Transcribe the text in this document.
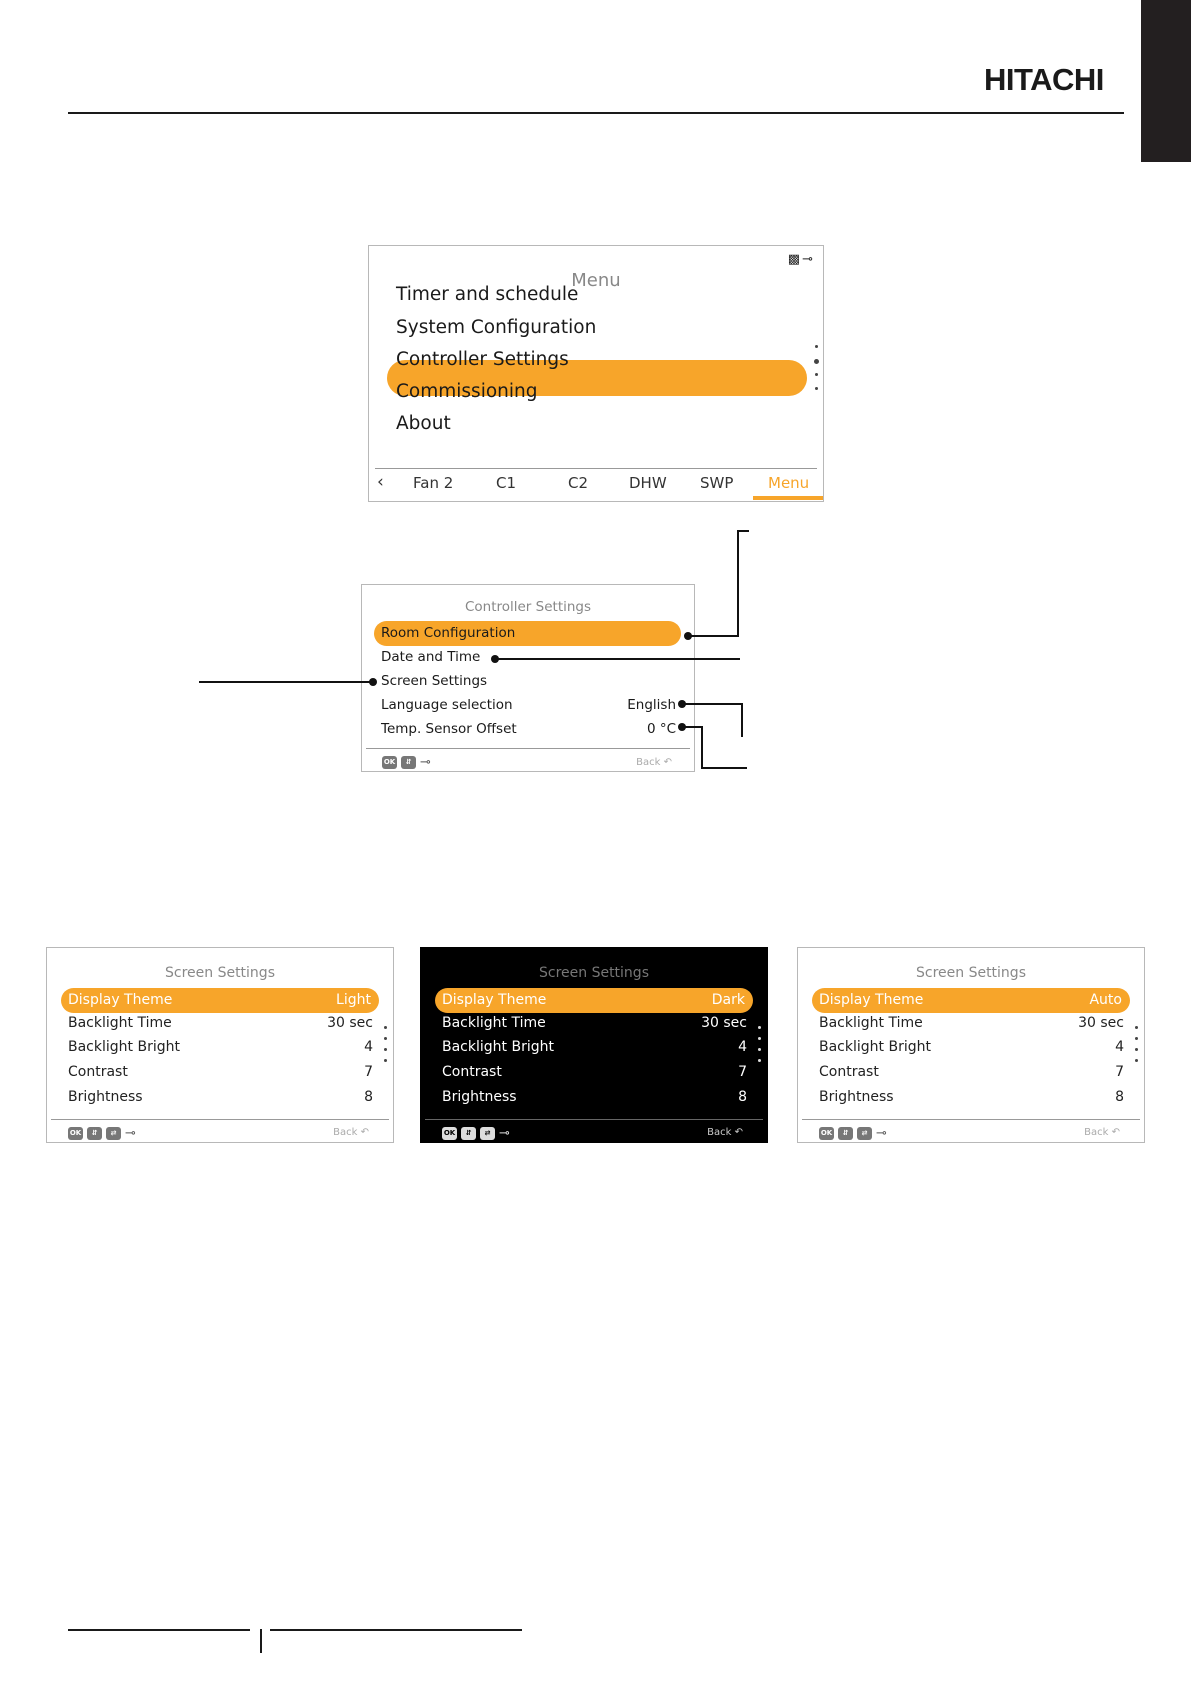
HITACHI
▩⊸
Menu
Timer and schedule
System Configuration
Controller Settings
Commissioning
About
‹ Fan 2	C1	C2	DHW SWP Menu
Controller Settings
Room Configuration
Date and Time
Screen Settings
Language selection	English
Temp. Sensor Offset	0 °C
OK	⇵ ⊸	Back ↶
Screen Settings
Display Theme	Light
Backlight Time	30 sec
Backlight Bright	4
Contrast	7
Brightness	8
OK	⇵	⇄ ⊸	Back ↶
Screen Settings
Display Theme	Dark
Backlight Time	30 sec
Backlight Bright	4
Contrast	7
Brightness	8
OK	⇵	⇄ ⊸	Back ↶
Screen Settings
Display Theme	Auto
Backlight Time	30 sec
Backlight Bright	4
Contrast	7
Brightness	8
OK	⇵	⇄ ⊸	Back ↶
